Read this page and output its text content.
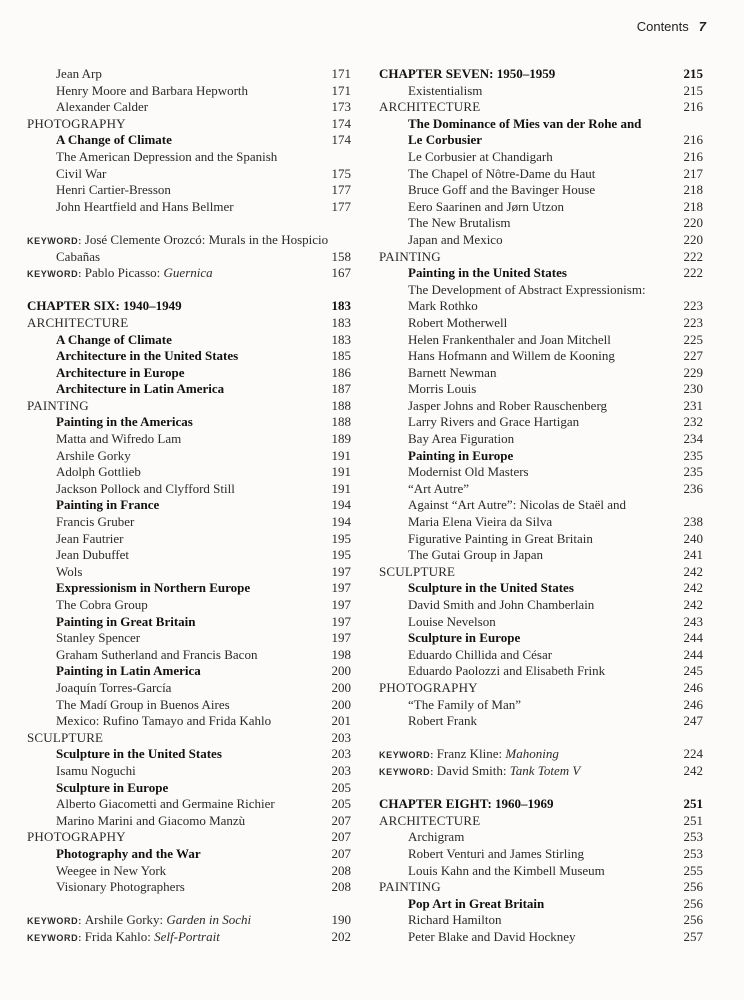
Contents 7
Jean Arp	171
Henry Moore and Barbara Hepworth	171
Alexander Calder	173
PHOTOGRAPHY	174
A Change of Climate	174
The American Depression and the Spanish
Civil War	175
Henri Cartier-Bresson	177
John Heartfield and Hans Bellmer	177
KEYWORD: José Clemente Orozcó: Murals in the Hospicio
Cabañas	158
KEYWORD: Pablo Picasso: Guernica	167
CHAPTER SIX: 1940–1949	183
ARCHITECTURE	183
A Change of Climate	183
Architecture in the United States	185
Architecture in Europe	186
Architecture in Latin America	187
PAINTING	188
Painting in the Americas	188
Matta and Wifredo Lam	189
Arshile Gorky	191
Adolph Gottlieb	191
Jackson Pollock and Clyfford Still	191
Painting in France	194
Francis Gruber	194
Jean Fautrier	195
Jean Dubuffet	195
Wols	197
Expressionism in Northern Europe	197
The Cobra Group	197
Painting in Great Britain	197
Stanley Spencer	197
Graham Sutherland and Francis Bacon	198
Painting in Latin America	200
Joaquín Torres-García	200
The Madí Group in Buenos Aires	200
Mexico: Rufino Tamayo and Frida Kahlo	201
SCULPTURE	203
Sculpture in the United States	203
Isamu Noguchi	203
Sculpture in Europe	205
Alberto Giacometti and Germaine Richier	205
Marino Marini and Giacomo Manzù	207
PHOTOGRAPHY	207
Photography and the War	207
Weegee in New York	208
Visionary Photographers	208
KEYWORD: Arshile Gorky: Garden in Sochi	190
KEYWORD: Frida Kahlo: Self-Portrait	202
CHAPTER SEVEN: 1950–1959	215
Existentialism	215
ARCHITECTURE	216
The Dominance of Mies van der Rohe and
Le Corbusier	216
Le Corbusier at Chandigarh	216
The Chapel of Nôtre-Dame du Haut	217
Bruce Goff and the Bavinger House	218
Eero Saarinen and Jørn Utzon	218
The New Brutalism	220
Japan and Mexico	220
PAINTING	222
Painting in the United States	222
The Development of Abstract Expressionism:
Mark Rothko	223
Robert Motherwell	223
Helen Frankenthaler and Joan Mitchell	225
Hans Hofmann and Willem de Kooning	227
Barnett Newman	229
Morris Louis	230
Jasper Johns and Rober Rauschenberg	231
Larry Rivers and Grace Hartigan	232
Bay Area Figuration	234
Painting in Europe	235
Modernist Old Masters	235
“Art Autre”	236
Against “Art Autre”: Nicolas de Staël and
Maria Elena Vieira da Silva	238
Figurative Painting in Great Britain	240
The Gutai Group in Japan	241
SCULPTURE	242
Sculpture in the United States	242
David Smith and John Chamberlain	242
Louise Nevelson	243
Sculpture in Europe	244
Eduardo Chillida and César	244
Eduardo Paolozzi and Elisabeth Frink	245
PHOTOGRAPHY	246
“The Family of Man”	246
Robert Frank	247
KEYWORD: Franz Kline: Mahoning	224
KEYWORD: David Smith: Tank Totem V	242
CHAPTER EIGHT: 1960–1969	251
ARCHITECTURE	251
Archigram	253
Robert Venturi and James Stirling	253
Louis Kahn and the Kimbell Museum	255
PAINTING	256
Pop Art in Great Britain	256
Richard Hamilton	256
Peter Blake and David Hockney	257
